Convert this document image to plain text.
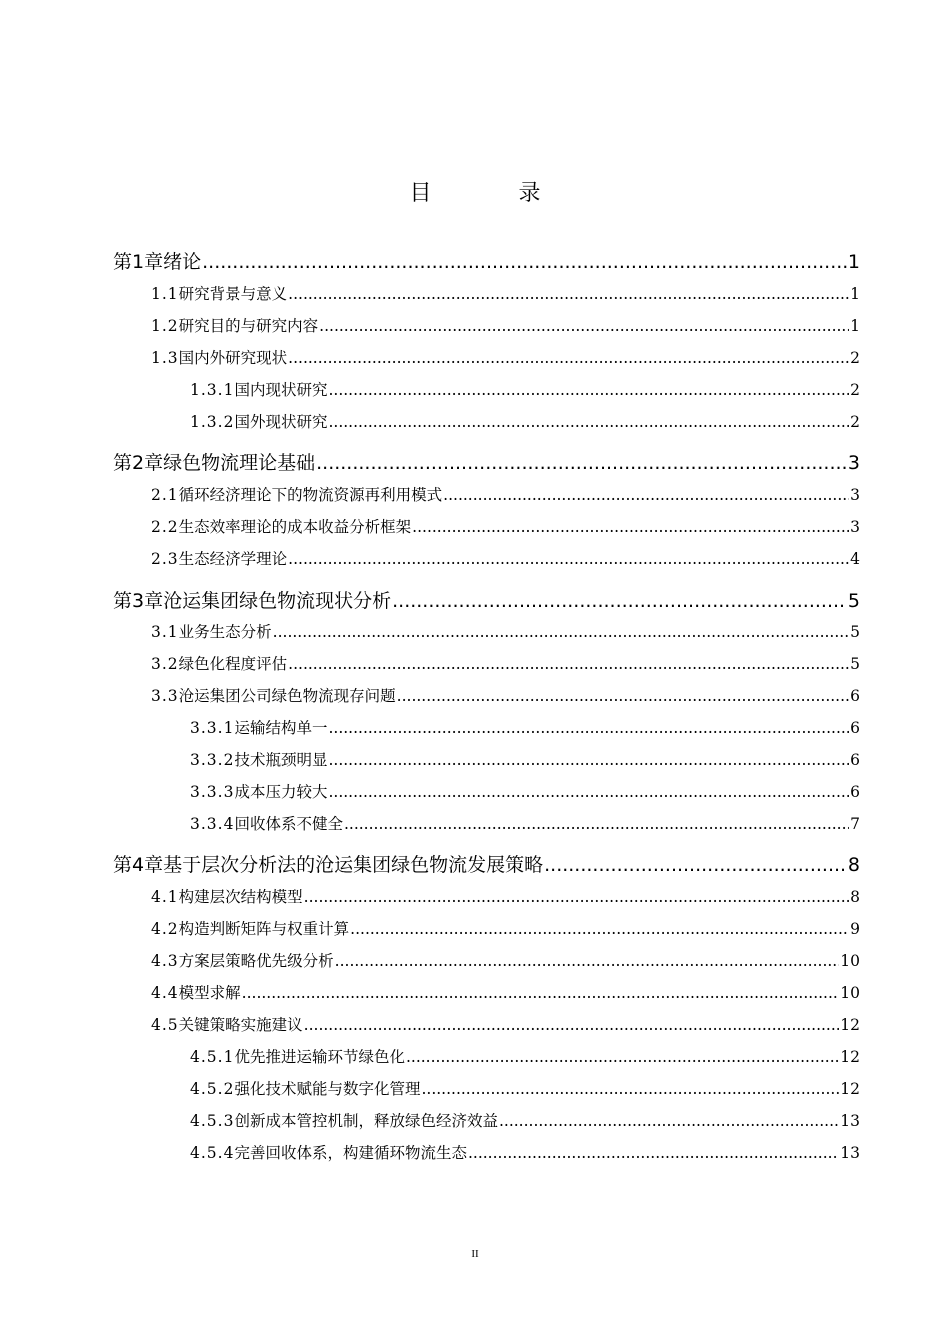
目 录
第1章 绪论 .....	1
1.1 研究背景与意义 .....	1
1.2 研究目的与研究内容 .....	1
1.3 国内外研究现状 .....	2
1.3.1 国内现状研究 .....	2
1.3.2 国外现状研究 .....	2
第2章 绿色物流理论基础 .....	3
2.1 循环经济理论下的物流资源再利用模式 .....	3
2.2 生态效率理论的成本收益分析框架 .....	3
2.3 生态经济学理论 .....	4
第3章 沧运集团绿色物流现状分析 .....	5
3.1 业务生态分析 .....	5
3.2 绿色化程度评估 .....	5
3.3 沧运集团公司绿色物流现存问题 .....	6
3.3.1 运输结构单一 .....	6
3.3.2 技术瓶颈明显 .....	6
3.3.3 成本压力较大 .....	6
3.3.4 回收体系不健全 .....	7
第4章 基于层次分析法的沧运集团绿色物流发展策略 .....	8
4.1 构建层次结构模型 .....	8
4.2 构造判断矩阵与权重计算 .....	9
4.3 方案层策略优先级分析 .....	10
4.4 模型求解 .....	10
4.5 关键策略实施建议 .....	12
4.5.1 优先推进运输环节绿色化 .....	12
4.5.2 强化技术赋能与数字化管理 .....	12
4.5.3 创新成本管控机制，释放绿色经济效益 .....	13
4.5.4 完善回收体系，构建循环物流生态 .....	13
II
